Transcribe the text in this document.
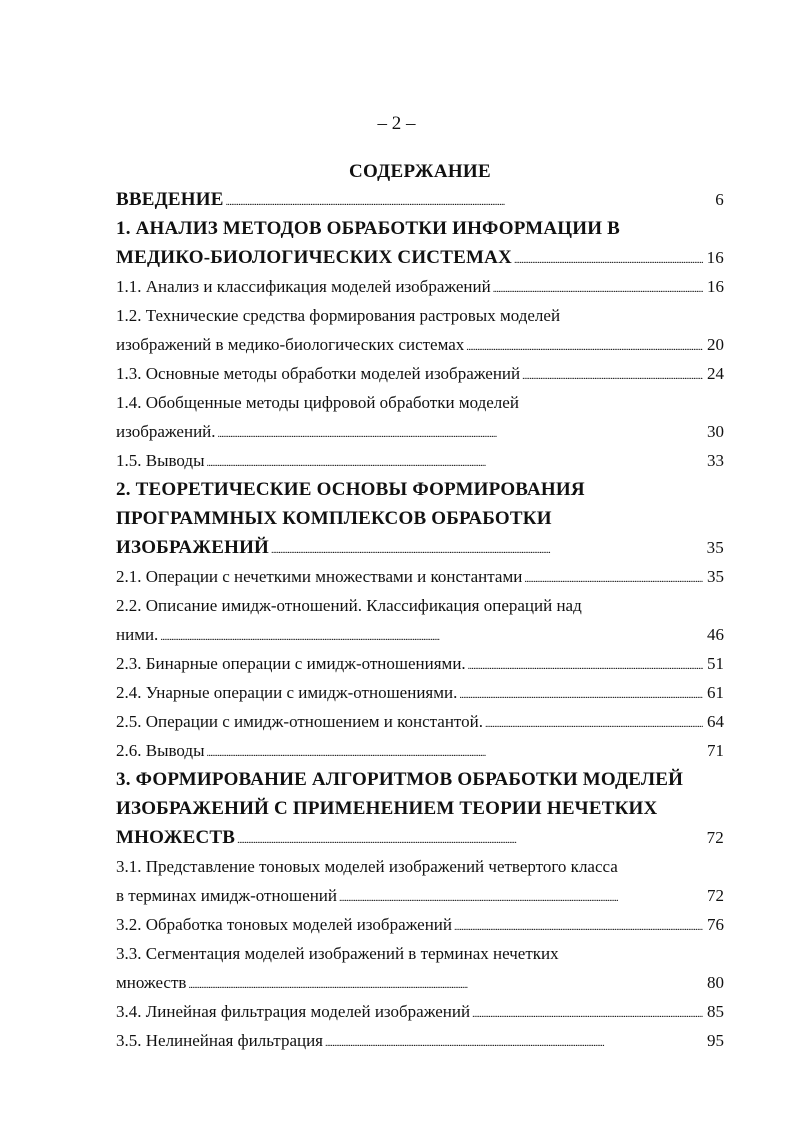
– 2 –
СОДЕРЖАНИЕ
ВВЕДЕНИЕ . . .	6
1. АНАЛИЗ МЕТОДОВ ОБРАБОТКИ ИНФОРМАЦИИ В
МЕДИКО-БИОЛОГИЧЕСКИХ СИСТЕМАХ . . .	16
1.1. Анализ и классификация моделей изображений . . .	16
1.2. Технические средства формирования растровых моделей
изображений в медико-биологических системах . . .	20
1.3. Основные методы обработки моделей изображений . . .	24
1.4. Обобщенные методы цифровой обработки моделей
изображений. . . .	30
1.5. Выводы . . .	33
2. ТЕОРЕТИЧЕСКИЕ ОСНОВЫ ФОРМИРОВАНИЯ
ПРОГРАММНЫХ КОМПЛЕКСОВ ОБРАБОТКИ
ИЗОБРАЖЕНИЙ . . .	35
2.1. Операции с нечеткими множествами и константами . . .	35
2.2. Описание имидж-отношений. Классификация операций над
ними. . . .	46
2.3. Бинарные операции с имидж-отношениями. . . .	51
2.4. Унарные операции с имидж-отношениями. . . .	61
2.5. Операции с имидж-отношением и константой. . . .	64
2.6. Выводы . . .	71
3. ФОРМИРОВАНИЕ АЛГОРИТМОВ ОБРАБОТКИ МОДЕЛЕЙ
ИЗОБРАЖЕНИЙ С ПРИМЕНЕНИЕМ ТЕОРИИ НЕЧЕТКИХ
МНОЖЕСТВ . . .	72
3.1. Представление тоновых моделей изображений четвертого класса
в терминах имидж-отношений . . .	72
3.2. Обработка тоновых моделей изображений . . .	76
3.3. Сегментация моделей изображений в терминах нечетких
множеств . . .	80
3.4. Линейная фильтрация моделей изображений . . .	85
3.5. Нелинейная фильтрация . . .	95
